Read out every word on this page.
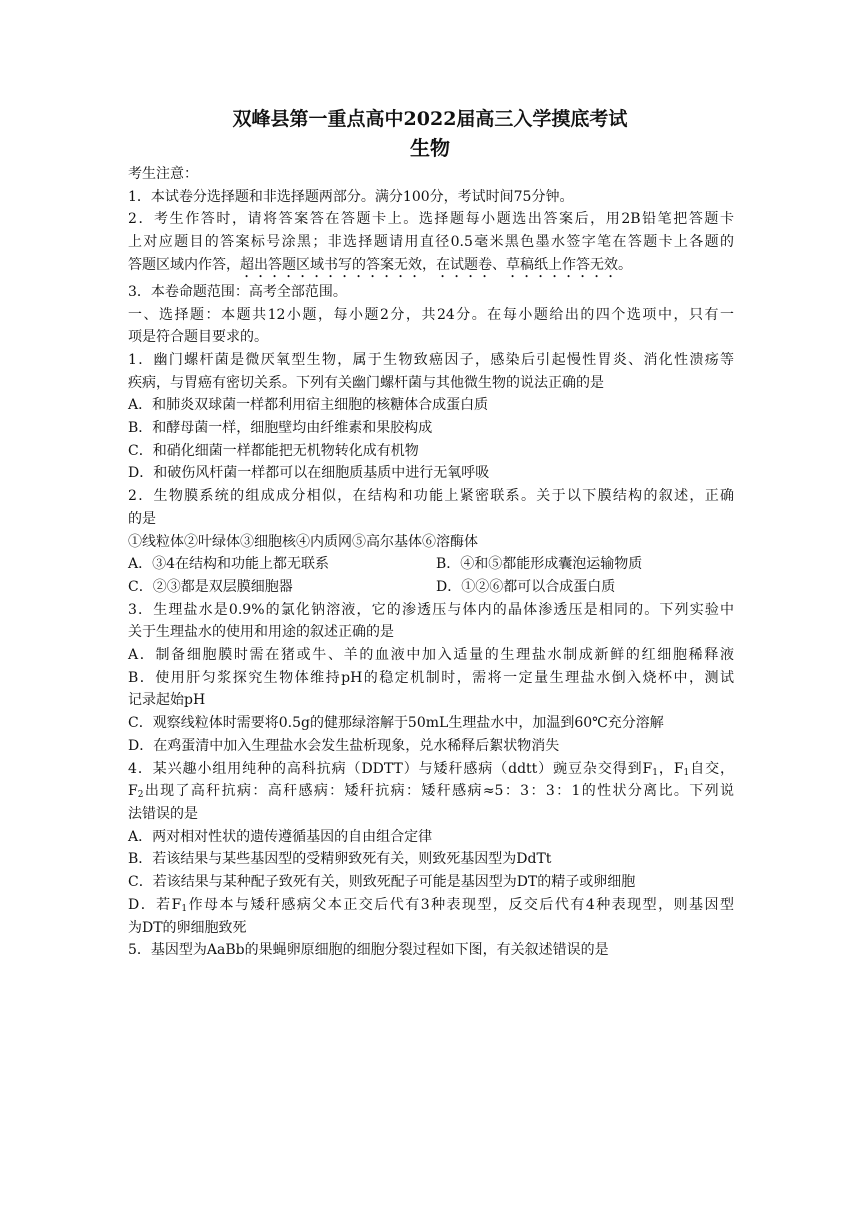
双峰县第一重点高中2022届高三入学摸底考试
生物

考生注意：

1．本试卷分选择题和非选择题两部分。满分100分，考试时间75分钟。

2．考生作答时，请将答案答在答题卡上。选择题每小题选出答案后，用2B铅笔把答题卡

上对应题目的答案标号涂黑；非选择题请用直径0.5毫米黑色墨水签字笔在答题卡上各题的

答题区域内作答，超出答题区域书写的答案无效，在试题卷、草稿纸上作答无效。

3．本卷命题范围：高考全部范围。

一、选择题：本题共12小题，每小题2分，共24分。在每小题给出的四个选项中，只有一

项是符合题目要求的。

1．幽门螺杆菌是微厌氧型生物，属于生物致癌因子，感染后引起慢性胃炎、消化性溃疡等

疾病，与胃癌有密切关系。下列有关幽门螺杆菌与其他微生物的说法正确的是

A．和肺炎双球菌一样都利用宿主细胞的核糖体合成蛋白质

B．和酵母菌一样，细胞壁均由纤维素和果胶构成

C．和硝化细菌一样都能把无机物转化成有机物

D．和破伤风杆菌一样都可以在细胞质基质中进行无氧呼吸

2．生物膜系统的组成成分相似，在结构和功能上紧密联系。关于以下膜结构的叙述，正确

的是

①线粒体②叶绿体③细胞核④内质网⑤高尔基体⑥溶酶体

A．③4在结构和功能上都无联系	B．④和⑤都能形成囊泡运输物质
C．②③都是双层膜细胞器	D．①②⑥都可以合成蛋白质

3．生理盐水是0.9%的氯化钠溶液，它的渗透压与体内的晶体渗透压是相同的。下列实验中

关于生理盐水的使用和用途的叙述正确的是

A．制备细胞膜时需在猪或牛、羊的血液中加入适量的生理盐水制成新鲜的红细胞稀释液

B．使用肝匀浆探究生物体维持pH的稳定机制时，需将一定量生理盐水倒入烧杯中，测试

记录起始pH

C．观察线粒体时需要将0.5g的健那绿溶解于50mL生理盐水中，加温到60℃充分溶解

D．在鸡蛋清中加入生理盐水会发生盐析现象，兑水稀释后絮状物消失

4．某兴趣小组用纯种的高科抗病（DDTT）与矮秆感病（ddtt）豌豆杂交得到$F_1$，$F_1$自交，

$F_2$出现了高秆抗病：高秆感病：矮秆抗病：矮秆感病≈5：3：3：1的性状分离比。下列说

法错误的是

A．两对相对性状的遗传遵循基因的自由组合定律

B．若该结果与某些基因型的受精卵致死有关，则致死基因型为DdTt

C．若该结果与某种配子致死有关，则致死配子可能是基因型为DT的精子或卵细胞

D．若$F_1$作母本与矮秆感病父本正交后代有3种表现型，反交后代有4种表现型，则基因型

为DT的卵细胞致死

5．基因型为AaBb的果蝇卵原细胞的细胞分裂过程如下图，有关叙述错误的是
